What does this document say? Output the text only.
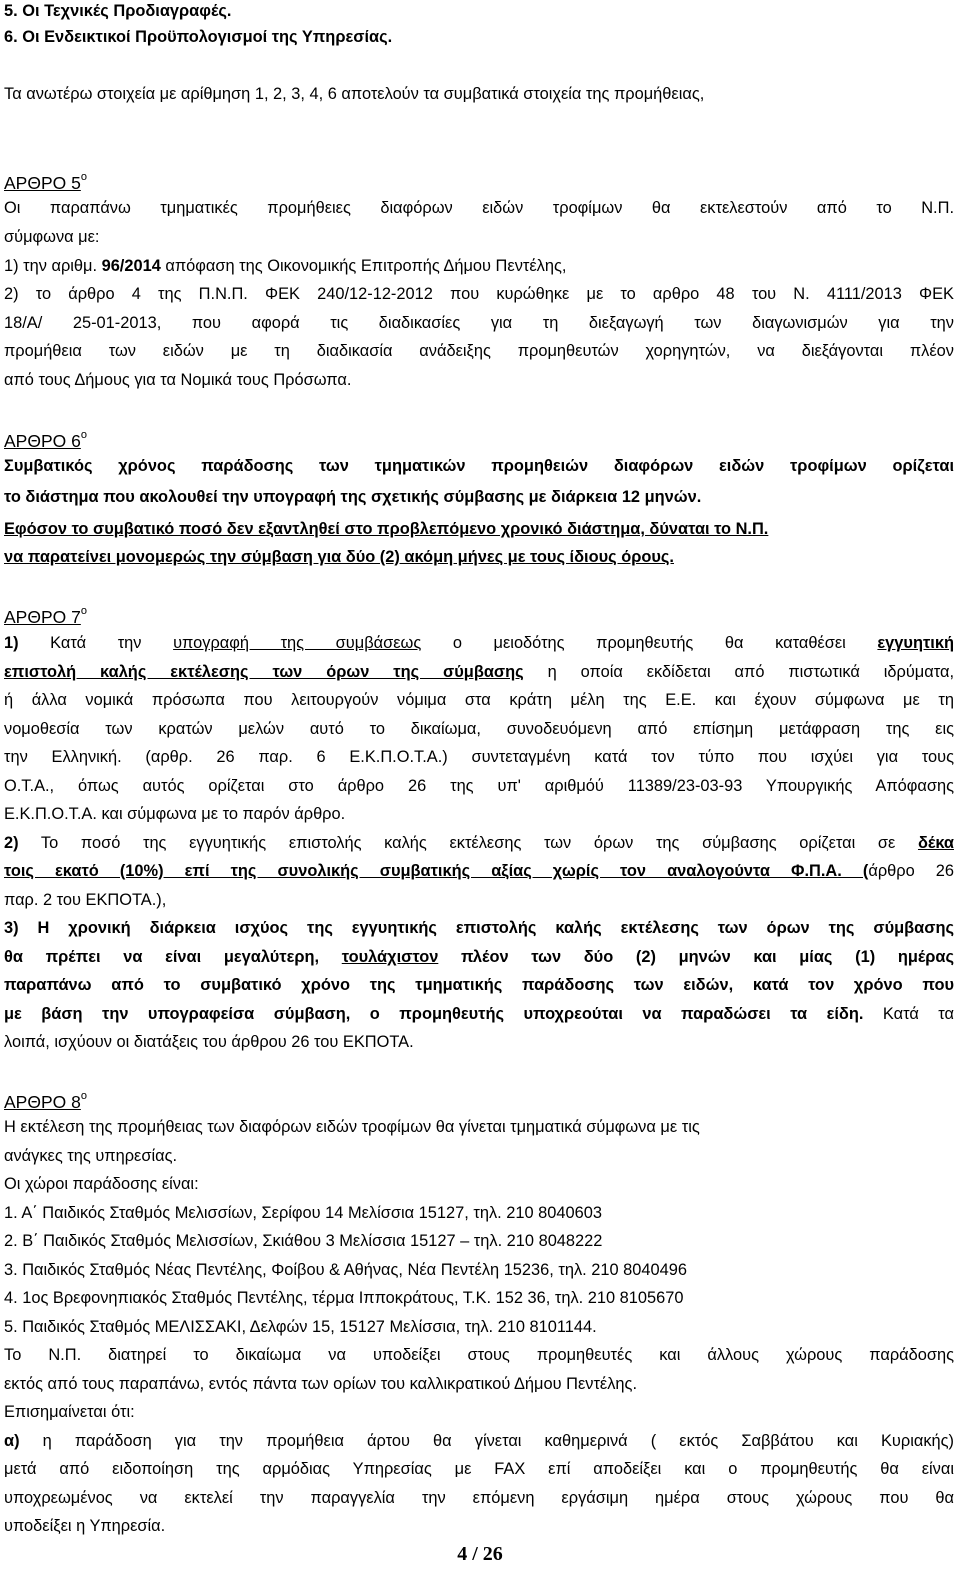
5. Οι Τεχνικές Προδιαγραφές.
6. Οι Ενδεικτικοί Προϋπολογισμοί της Υπηρεσίας.
Τα ανωτέρω στοιχεία με αρίθμηση 1, 2, 3, 4, 6 αποτελούν τα συμβατικά στοιχεία της προμήθειας,
ΑΡΘΡΟ $5^o$
Οι παραπάνω τμηματικές προμήθειες διαφόρων ειδών τροφίμων θα εκτελεστούν από το Ν.Π.
σύμφωνα με:
1) την αριθμ. 96/2014 απόφαση της Οικονομικής Επιτροπής Δήμου Πεντέλης,
2) το άρθρο 4 της Π.Ν.Π. ΦΕΚ 240/12-12-2012 που κυρώθηκε με το αρθρο 48 του Ν. 4111/2013 ΦΕΚ
18/Α/ 25-01-2013, που αφορά τις διαδικασίες για τη διεξαγωγή των διαγωνισμών για την
προμήθεια των ειδών με τη διαδικασία ανάδειξης προμηθευτών χορηγητών, να διεξάγονται πλέον
από τους Δήμους για τα Νομικά τους Πρόσωπα.
ΑΡΘΡΟ $6^o$
Συμβατικός χρόνος παράδοσης των τμηματικών προμηθειών διαφόρων ειδών τροφίμων ορίζεται
το διάστημα που ακολουθεί την υπογραφή της σχετικής σύμβασης με διάρκεια 12 μηνών.
Εφόσον το συμβατικό ποσό δεν εξαντληθεί στο προβλεπόμενο χρονικό διάστημα, δύναται το Ν.Π.
να παρατείνει μονομερώς την σύμβαση για δύο (2) ακόμη μήνες με τους ίδιους όρους.
ΑΡΘΡΟ $7^o$
1) Κατά την υπογραφή της συμβάσεως ο μειοδότης προμηθευτής θα καταθέσει εγγυητική
επιστολή καλής εκτέλεσης των όρων της σύμβασης η οποία εκδίδεται από πιστωτικά ιδρύματα,
ή άλλα νομικά πρόσωπα που λειτουργούν νόμιμα στα κράτη μέλη της Ε.Ε. και έχουν σύμφωνα με τη
νομοθεσία των κρατών μελών αυτό το δικαίωμα, συνοδευόμενη από επίσημη μετάφραση της εις
την Ελληνική. (αρθρ. 26 παρ. 6 Ε.Κ.Π.Ο.Τ.Α.) συντεταγμένη κατά τον τύπο που ισχύει για τους
Ο.Τ.Α., όπως αυτός ορίζεται στο άρθρο 26 της υπ' αριθμόύ 11389/23-03-93 Υπουργικής Απόφασης
Ε.Κ.Π.Ο.Τ.Α. και σύμφωνα με το παρόν άρθρο.
2) Το ποσό της εγγυητικής επιστολής καλής εκτέλεσης των όρων της σύμβασης ορίζεται σε δέκα
τοις εκατό (10%) επί της συνολικής συμβατικής αξίας χωρίς τον αναλογούντα Φ.Π.Α. (άρθρο 26
παρ. 2 του ΕΚΠΟΤΑ.),
3) Η χρονική διάρκεια ισχύος της εγγυητικής επιστολής καλής εκτέλεσης των όρων της σύμβασης
θα πρέπει να είναι μεγαλύτερη, τουλάχιστον πλέον των δύο (2) μηνών και μίας (1) ημέρας
παραπάνω από το συμβατικό χρόνο της τμηματικής παράδοσης των ειδών, κατά τον χρόνο που
με βάση την υπογραφείσα σύμβαση, ο προμηθευτής υποχρεούται να παραδώσει τα είδη. Κατά τα
λοιπά, ισχύουν οι διατάξεις του άρθρου 26 του ΕΚΠΟΤΑ.
ΑΡΘΡΟ $8^o$
Η εκτέλεση της προμήθειας των διαφόρων ειδών τροφίμων θα γίνεται τμηματικά σύμφωνα με τις
ανάγκες της υπηρεσίας.
Οι χώροι παράδοσης είναι:
1. Α΄ Παιδικός Σταθμός Μελισσίων, Σερίφου 14 Μελίσσια 15127, τηλ. 210 8040603
2. Β΄ Παιδικός Σταθμός Μελισσίων, Σκιάθου 3 Μελίσσια 15127 – τηλ. 210 8048222
3. Παιδικός Σταθμός Νέας Πεντέλης, Φοίβου & Αθήνας, Νέα Πεντέλη 15236, τηλ. 210 8040496
4. 1ος Βρεφονηπιακός Σταθμός Πεντέλης, τέρμα Ιπποκράτους, Τ.Κ. 152 36, τηλ. 210 8105670
5. Παιδικός Σταθμός ΜΕΛΙΣΣΑΚΙ, Δελφών 15, 15127 Μελίσσια, τηλ. 210 8101144.
Το Ν.Π. διατηρεί το δικαίωμα να υποδείξει στους προμηθευτές και άλλους χώρους παράδοσης
εκτός από τους παραπάνω, εντός πάντα των ορίων του καλλικρατικού Δήμου Πεντέλης.
Επισημαίνεται ότι:
α) η παράδοση για την προμήθεια άρτου θα γίνεται καθημερινά ( εκτός Σαββάτου και Κυριακής)
μετά από ειδοποίηση της αρμόδιας Υπηρεσίας με FAX επί αποδείξει και ο προμηθευτής θα είναι
υποχρεωμένος να εκτελεί την παραγγελία την επόμενη εργάσιμη ημέρα στους χώρους που θα
υποδείξει η Υπηρεσία.
4 / 26
